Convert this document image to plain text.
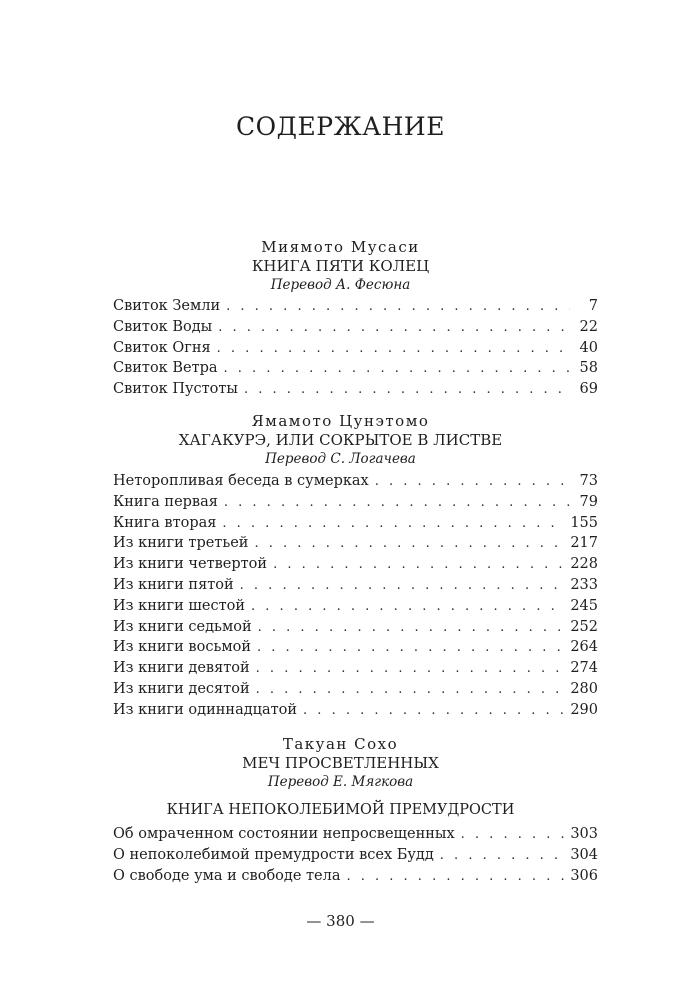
СОДЕРЖАНИЕ
Миямото Мусаси
КНИГА ПЯТИ КОЛЕЦ
Перевод А. Фесюна
Свиток Земли . . .	7
Свиток Воды . . .	22
Свиток Огня . . .	40
Свиток Ветра . . .	58
Свиток Пустоты . . .	69
Ямамото Цунэтомо
ХАГАКУРЭ, ИЛИ СОКРЫТОЕ В ЛИСТВЕ
Перевод С. Логачева
Неторопливая беседа в сумерках . . .	73
Книга первая . . .	79
Книга вторая . . .	155
Из книги третьей . . .	217
Из книги четвертой . . .	228
Из книги пятой . . .	233
Из книги шестой . . .	245
Из книги седьмой . . .	252
Из книги восьмой . . .	264
Из книги девятой . . .	274
Из книги десятой . . .	280
Из книги одиннадцатой . . .	290
Такуан Сохо
МЕЧ ПРОСВЕТЛЕННЫХ
Перевод Е. Мягкова
КНИГА НЕПОКОЛЕБИМОЙ ПРЕМУДРОСТИ
Об омраченном состоянии непросвещенных . . .	303
О непоколебимой премудрости всех Будд . . .	304
О свободе ума и свободе тела . . .	306
— 380 —
